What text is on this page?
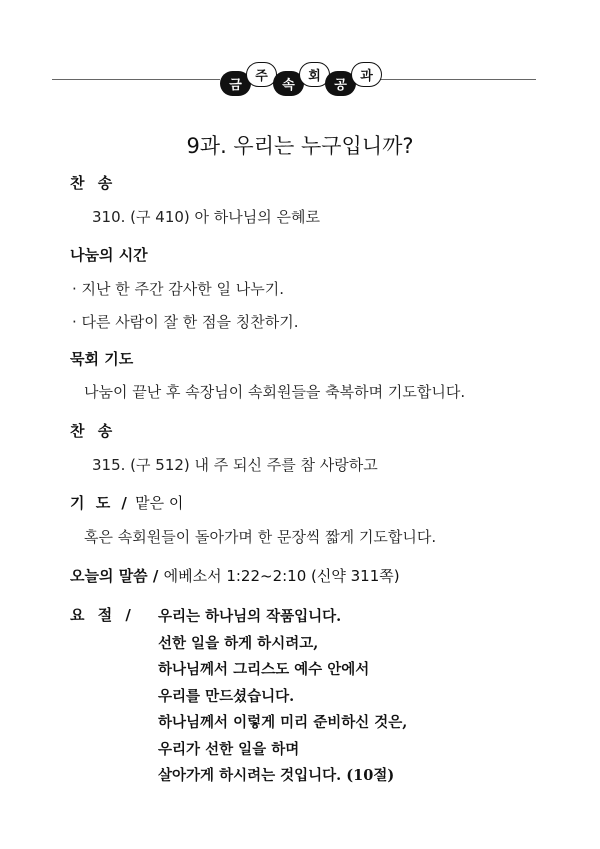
금
주
속
회
공
과
9과. 우리는 누구입니까?
찬 송
310. (구 410) 아 하나님의 은혜로
나눔의 시간
· 지난 한 주간 감사한 일 나누기.
· 다른 사람이 잘 한 점을 칭찬하기.
묵회 기도
나눔이 끝난 후 속장님이 속회원들을 축복하며 기도합니다.
찬 송
315. (구 512) 내 주 되신 주를 참 사랑하고
기 도 / 맡은 이
혹은 속회원들이 돌아가며 한 문장씩 짧게 기도합니다.
오늘의 말씀 / 에베소서 1:22~2:10 (신약 311쪽)
요 절 / 우리는 하나님의 작품입니다.
선한 일을 하게 하시려고,
하나님께서 그리스도 예수 안에서
우리를 만드셨습니다.
하나님께서 이렇게 미리 준비하신 것은,
우리가 선한 일을 하며
살아가게 하시려는 것입니다. (10절)
